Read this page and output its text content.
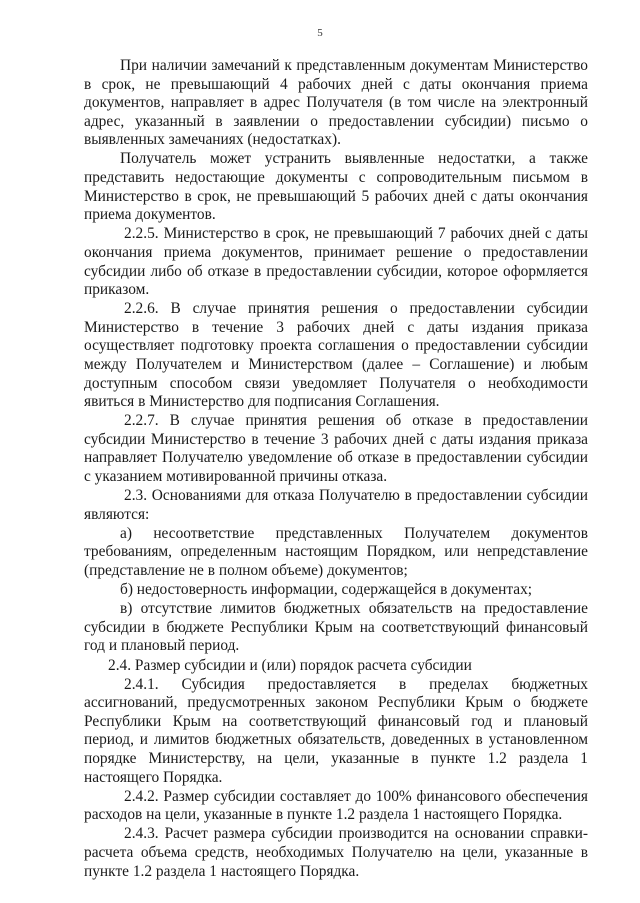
5

При наличии замечаний к представленным документам Министерство в срок, не превышающий 4 рабочих дней с даты окончания приема документов, направляет в адрес Получателя (в том числе на электронный адрес, указанный в заявлении о предоставлении субсидии) письмо о выявленных замечаниях (недостатках).

Получатель может устранить выявленные недостатки, а также представить недостающие документы с сопроводительным письмом в Министерство в срок, не превышающий 5 рабочих дней с даты окончания приема документов.

2.2.5. Министерство в срок, не превышающий 7 рабочих дней с даты окончания приема документов, принимает решение о предоставлении субсидии либо об отказе в предоставлении субсидии, которое оформляется приказом.

2.2.6. В случае принятия решения о предоставлении субсидии Министерство в течение 3 рабочих дней с даты издания приказа осуществляет подготовку проекта соглашения о предоставлении субсидии между Получателем и Министерством (далее – Соглашение) и любым доступным способом связи уведомляет Получателя о необходимости явиться в Министерство для подписания Соглашения.

2.2.7. В случае принятия решения об отказе в предоставлении субсидии Министерство в течение 3 рабочих дней с даты издания приказа направляет Получателю уведомление об отказе в предоставлении субсидии с указанием мотивированной причины отказа.

2.3. Основаниями для отказа Получателю в предоставлении субсидии являются:

а) несоответствие представленных Получателем документов требованиям, определенным настоящим Порядком, или непредставление (представление не в полном объеме) документов;

б) недостоверность информации, содержащейся в документах;

в) отсутствие лимитов бюджетных обязательств на предоставление субсидии в бюджете Республики Крым на соответствующий финансовый год и плановый период.

2.4. Размер субсидии и (или) порядок расчета субсидии

2.4.1. Субсидия предоставляется в пределах бюджетных ассигнований, предусмотренных законом Республики Крым о бюджете Республики Крым на соответствующий финансовый год и плановый период, и лимитов бюджетных обязательств, доведенных в установленном порядке Министерству, на цели, указанные в пункте 1.2 раздела 1 настоящего Порядка.

2.4.2. Размер субсидии составляет до 100% финансового обеспечения расходов на цели, указанные в пункте 1.2 раздела 1 настоящего Порядка.

2.4.3. Расчет размера субсидии производится на основании справки-расчета объема средств, необходимых Получателю на цели, указанные в пункте 1.2 раздела 1 настоящего Порядка.
